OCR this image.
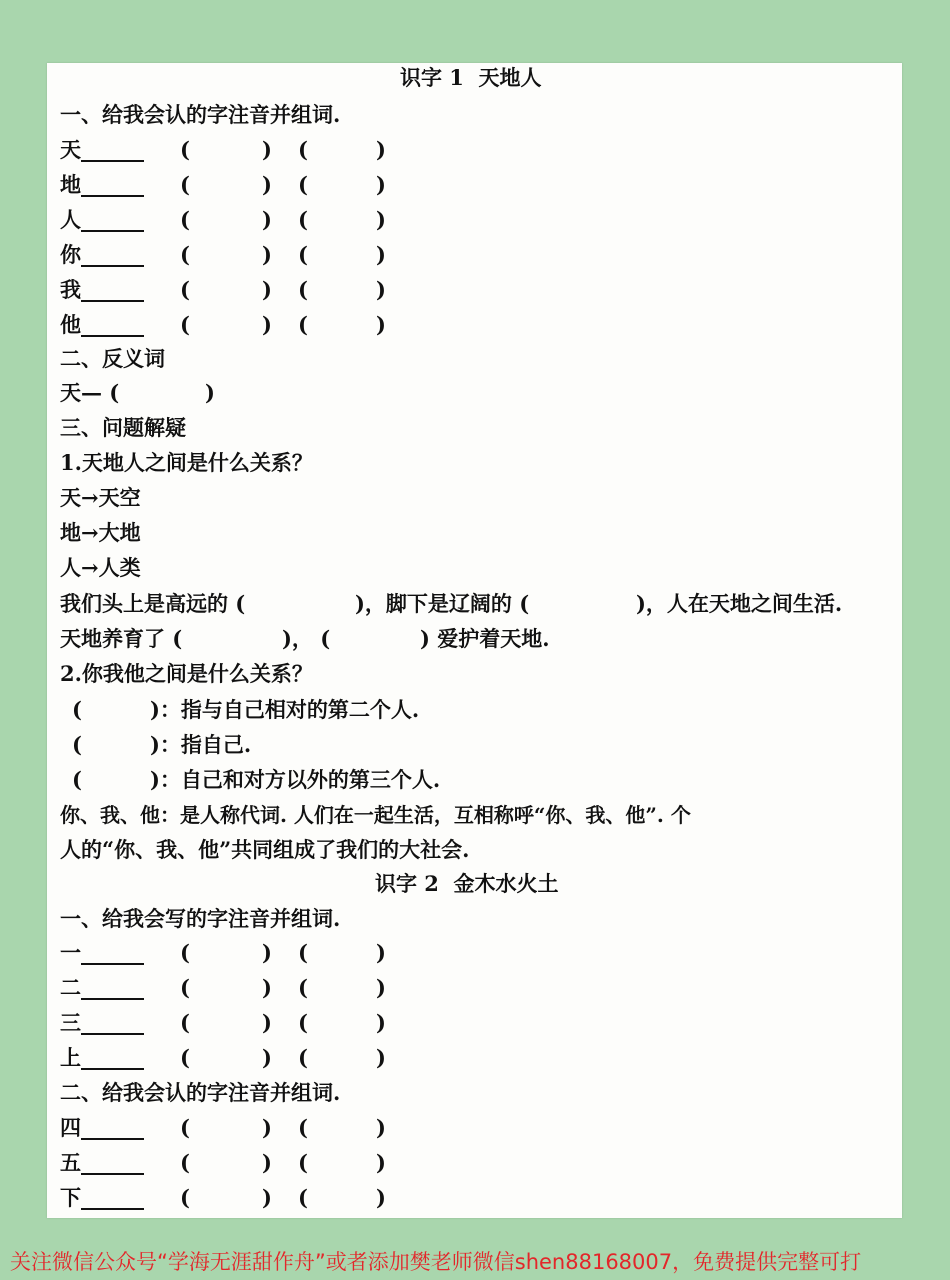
识字 1  天地人
一、给我会认的字注音并组词.
天______ (	) (	)
地______ (	) (	)
人______ (	) (	)
你______ (	) (	)
我______ (	) (	)
他______ (	) (	)
二、反义词
天— (	)
三、问题解疑
1.天地人之间是什么关系？
天→天空
地→大地
人→人类
我们头上是高远的 (	)，脚下是辽阔的 (	)，人在天地之间生活.
天地养育了 (	)， (	) 爱护着天地.
2.你我他之间是什么关系？
(	)：指与自己相对的第二个人.
(	)：指自己.
(	)：自己和对方以外的第三个人.
你、我、他：是人称代词. 人们在一起生活，互相称呼“你、我、他”. 个
人的“你、我、他”共同组成了我们的大社会.
识字 2  金木水火土
一、给我会写的字注音并组词.
一______ (	) (	)
二______ (	) (	)
三______ (	) (	)
上______ (	) (	)
二、给我会认的字注音并组词.
四______ (	) (	)
五______ (	) (	)
下______ (	) (	)
关注微信公众号“学海无涯甜作舟”或者添加樊老师微信shen88168007，免费提供完整可打
